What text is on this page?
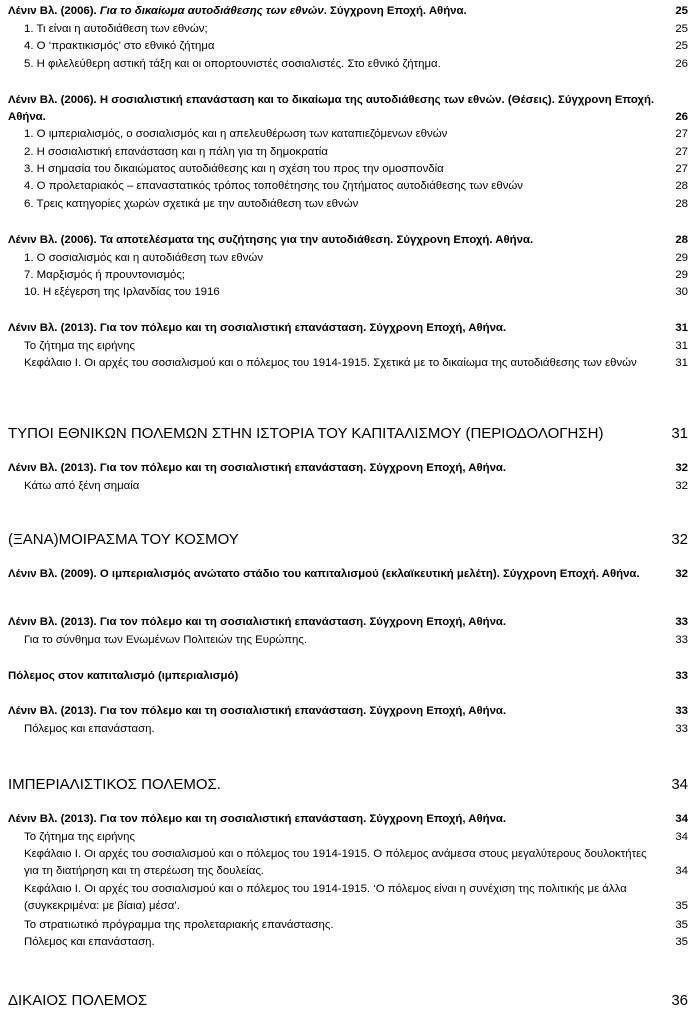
Λένιν Βλ. (2006). Για το δικαίωμα αυτοδιάθεσης των εθνών. Σύγχρονη Εποχή. Αθήνα.	25
1. Τι είναι η αυτοδιάθεση των εθνών;	25
4. Ο ‘πρακτικισμός’ στο εθνικό ζήτημα	25
5. Η φιλελεύθερη αστική τάξη και οι οπορτουνιστές σοσιαλιστές. Στο εθνικό ζήτημα.	26
Λένιν Βλ. (2006). Η σοσιαλιστική επανάσταση και το δικαίωμα της αυτοδιάθεσης των εθνών. (Θέσεις). Σύγχρονη Εποχή. Αθήνα.	26
1. Ο ιμπεριαλισμός, ο σοσιαλισμός και η απελευθέρωση των καταπιεζόμενων εθνών	27
2. Η σοσιαλιστική επανάσταση και η πάλη για τη δημοκρατία	27
3. Η σημασία του δικαιώματος αυτοδιάθεσης και η σχέση του προς την ομοσπονδία	27
4. Ο προλεταριακός – επαναστατικός τρόπος τοποθέτησης του ζητήματος αυτοδιάθεσης των εθνών	28
6. Τρεις κατηγορίες χωρών σχετικά με την αυτοδιάθεση των εθνών	28
Λένιν Βλ. (2006). Τα αποτελέσματα της συζήτησης για την αυτοδιάθεση. Σύγχρονη Εποχή. Αθήνα.	28
1. Ο σοσιαλισμός και η αυτοδιάθεση των εθνών	29
7. Μαρξισμός ή προυντονισμός;	29
10. Η εξέγερση της Ιρλανδίας του 1916	30
Λένιν Βλ. (2013). Για τον πόλεμο και τη σοσιαλιστική επανάσταση. Σύγχρονη Εποχή, Αθήνα.	31
Το ζήτημα της ειρήνης	31
Κεφάλαιο Ι. Οι αρχές του σοσιαλισμού και ο πόλεμος του 1914-1915. Σχετικά με το δικαίωμα της αυτοδιάθεσης των εθνών	31
ΤΥΠΟΙ ΕΘΝΙΚΩΝ ΠΟΛΕΜΩΝ ΣΤΗΝ ΙΣΤΟΡΙΑ ΤΟΥ ΚΑΠΙΤΑΛΙΣΜΟΥ (ΠΕΡΙΟΔΟΛΟΓΗΣΗ)	31
Λένιν Βλ. (2013). Για τον πόλεμο και τη σοσιαλιστική επανάσταση. Σύγχρονη Εποχή, Αθήνα.	32
Κάτω από ξένη σημαία	32
(ΞΑΝΑ)ΜΟΙΡΑΣΜΑ ΤΟΥ ΚΟΣΜΟΥ	32
Λένιν Βλ. (2009). Ο ιμπεριαλισμός ανώτατο στάδιο του καπιταλισμού (εκλαϊκευτική μελέτη). Σύγχρονη Εποχή. Αθήνα.	32
Λένιν Βλ. (2013). Για τον πόλεμο και τη σοσιαλιστική επανάσταση. Σύγχρονη Εποχή, Αθήνα.	33
Για το σύνθημα των Ενωμένων Πολιτειών της Ευρώπης.	33
Πόλεμος στον καπιταλισμό (ιμπεριαλισμό)	33
Λένιν Βλ. (2013). Για τον πόλεμο και τη σοσιαλιστική επανάσταση. Σύγχρονη Εποχή, Αθήνα.	33
Πόλεμος και επανάσταση.	33
ΙΜΠΕΡΙΑΛΙΣΤΙΚΟΣ ΠΟΛΕΜΟΣ.	34
Λένιν Βλ. (2013). Για τον πόλεμο και τη σοσιαλιστική επανάσταση. Σύγχρονη Εποχή, Αθήνα.	34
Το ζήτημα της ειρήνης	34
Κεφάλαιο Ι. Οι αρχές του σοσιαλισμού και ο πόλεμος του 1914-1915. Ο πόλεμος ανάμεσα στους μεγαλύτερους δουλοκτήτες για τη διατήρηση και τη στερέωση της δουλείας.	34
Κεφάλαιο Ι. Οι αρχές του σοσιαλισμού και ο πόλεμος του 1914-1915. ‘Ο πόλεμος είναι η συνέχιση της πολιτικής με άλλα (συγκεκριμένα: με βίαια) μέσα’.	35
Το στρατιωτικό πρόγραμμα της προλεταριακής επανάστασης.	35
Πόλεμος και επανάσταση.	35
ΔΙΚΑΙΟΣ ΠΟΛΕΜΟΣ	36
